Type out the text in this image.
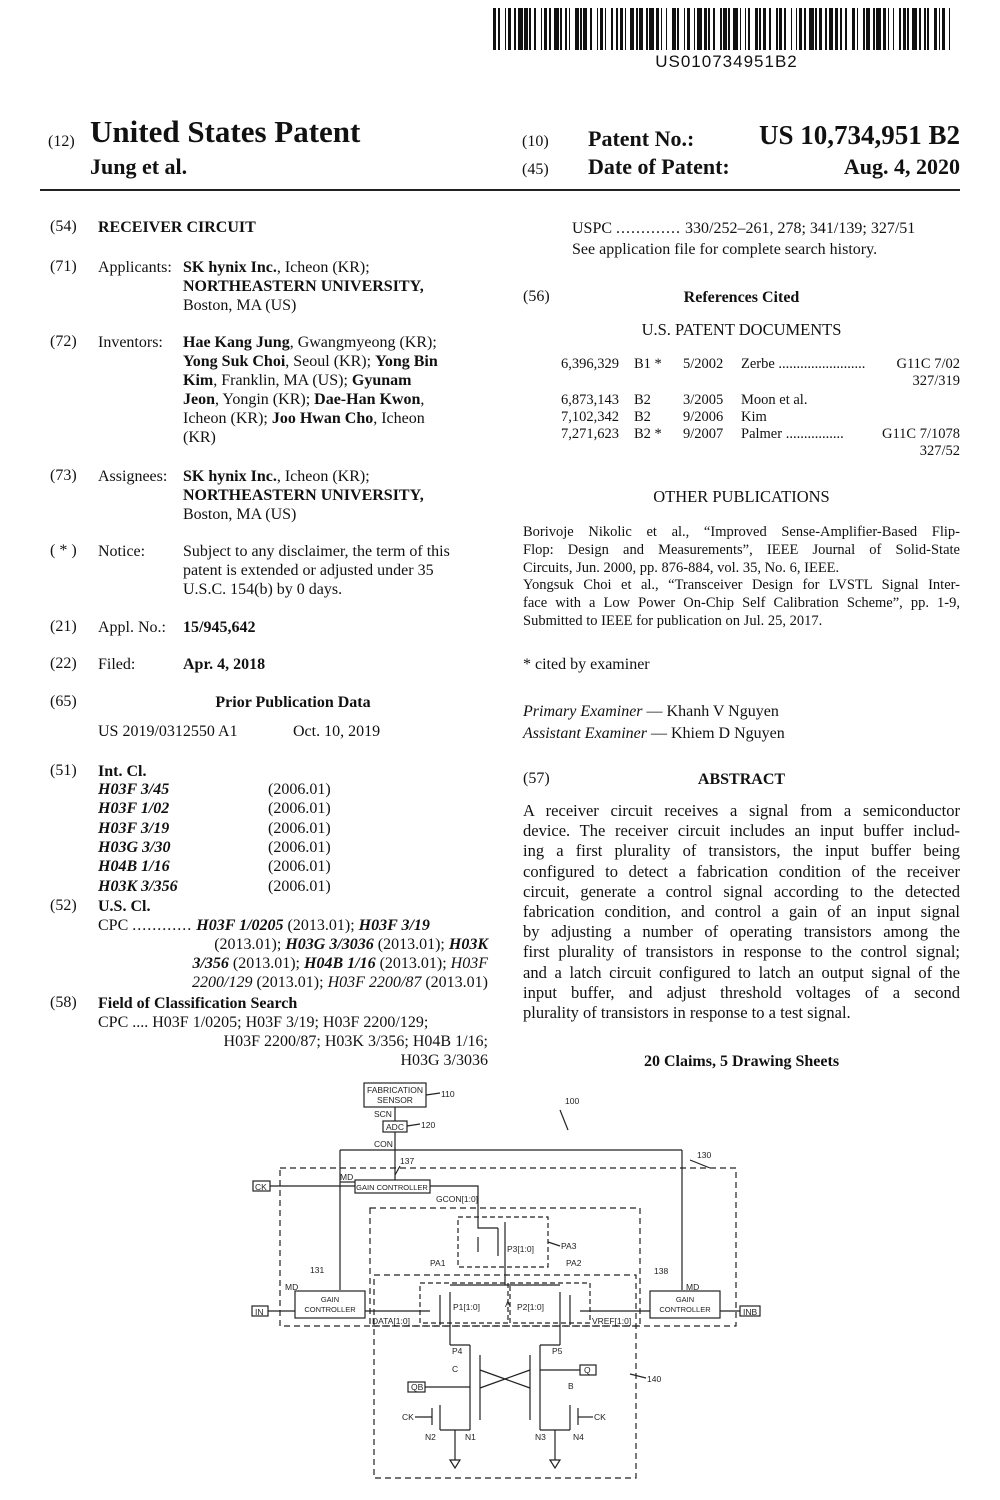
US010734951B2
(12) United States Patent
Jung et al.
(10) Patent No.:	US 10,734,951 B2
(45) Date of Patent:	Aug. 4, 2020
(54) RECEIVER CIRCUIT
(71) Applicants: SK hynix Inc., Icheon (KR);
NORTHEASTERN UNIVERSITY,
Boston, MA (US)
(72) Inventors: Hae Kang Jung, Gwangmyeong (KR);
Yong Suk Choi, Seoul (KR); Yong Bin
Kim, Franklin, MA (US); Gyunam
Jeon, Yongin (KR); Dae-Han Kwon,
Icheon (KR); Joo Hwan Cho, Icheon
(KR)
(73) Assignees: SK hynix Inc., Icheon (KR);
NORTHEASTERN UNIVERSITY,
Boston, MA (US)
( * ) Notice: Subject to any disclaimer, the term of this
patent is extended or adjusted under 35
U.S.C. 154(b) by 0 days.
(21) Appl. No.: 15/945,642
(22) Filed:	Apr. 4, 2018
(65)	Prior Publication Data
US 2019/0312550 A1	Oct. 10, 2019
(51) Int. Cl.
H03F 3/45	(2006.01)
H03F 1/02	(2006.01)
H03F 3/19	(2006.01)
H03G 3/30	(2006.01)
H04B 1/16	(2006.01)
H03K 3/356	(2006.01)
(52) U.S. Cl.
CPC ............ H03F 1/0205 (2013.01); H03F 3/19
(2013.01); H03G 3/3036 (2013.01); H03K
3/356 (2013.01); H04B 1/16 (2013.01); H03F
2200/129 (2013.01); H03F 2200/87 (2013.01)
(58) Field of Classification Search
CPC .... H03F 1/0205; H03F 3/19; H03F 2200/129;
H03F 2200/87; H03K 3/356; H04B 1/16;
H03G 3/3036
USPC ............. 330/252–261, 278; 341/139; 327/51
See application file for complete search history.
(56)	References Cited
U.S. PATENT DOCUMENTS
6,396,329 B1 * 5/2002 Zerbe ........................	G11C 7/02
327/319
6,873,143 B2 3/2005 Moon et al.
7,102,342 B2 9/2006 Kim
7,271,623 B2 * 9/2007 Palmer ................	G11C 7/1078
327/52
OTHER PUBLICATIONS
Borivoje Nikolic et al., “Improved Sense-Amplifier-Based Flip-
Flop: Design and Measurements”, IEEE Journal of Solid-State
Circuits, Jun. 2000, pp. 876-884, vol. 35, No. 6, IEEE.
Yongsuk Choi et al., “Transceiver Design for LVSTL Signal Inter-
face with a Low Power On-Chip Self Calibration Scheme”, pp. 1-9,
Submitted to IEEE for publication on Jul. 25, 2017.
* cited by examiner
Primary Examiner — Khanh V Nguyen
Assistant Examiner — Khiem D Nguyen
(57)	ABSTRACT
A receiver circuit receives a signal from a semiconductor
device. The receiver circuit includes an input buffer includ-
ing a first plurality of transistors, the input buffer being
configured to detect a fabrication condition of the receiver
circuit, generate a control signal according to the detected
fabrication condition, and control a gain of an input signal
by adjusting a number of operating transistors among the
first plurality of transistors in response to the control signal;
and a latch circuit configured to latch an output signal of the
input buffer, and adjust threshold voltages of a second
plurality of transistors in response to a test signal.
20 Claims, 5 Drawing Sheets
FABRICATION
SENSOR
110
SCN
ADC 120
100
CON
137
130
MD
CK	GAIN CONTROLLER
GCON[1:0]
P3[1:0]	PA3
PA1	PA2
131	138
MD	MD
GAIN
CONTROLLER
GAIN
CONTROLLER
IN	INB
P1[1:0]	P2[1:0]
A
DATA[1:0]	VREF[1:0]
P4	P5
Q
QB
C
B
140
CK	CK
N1
N2	N3	N4
